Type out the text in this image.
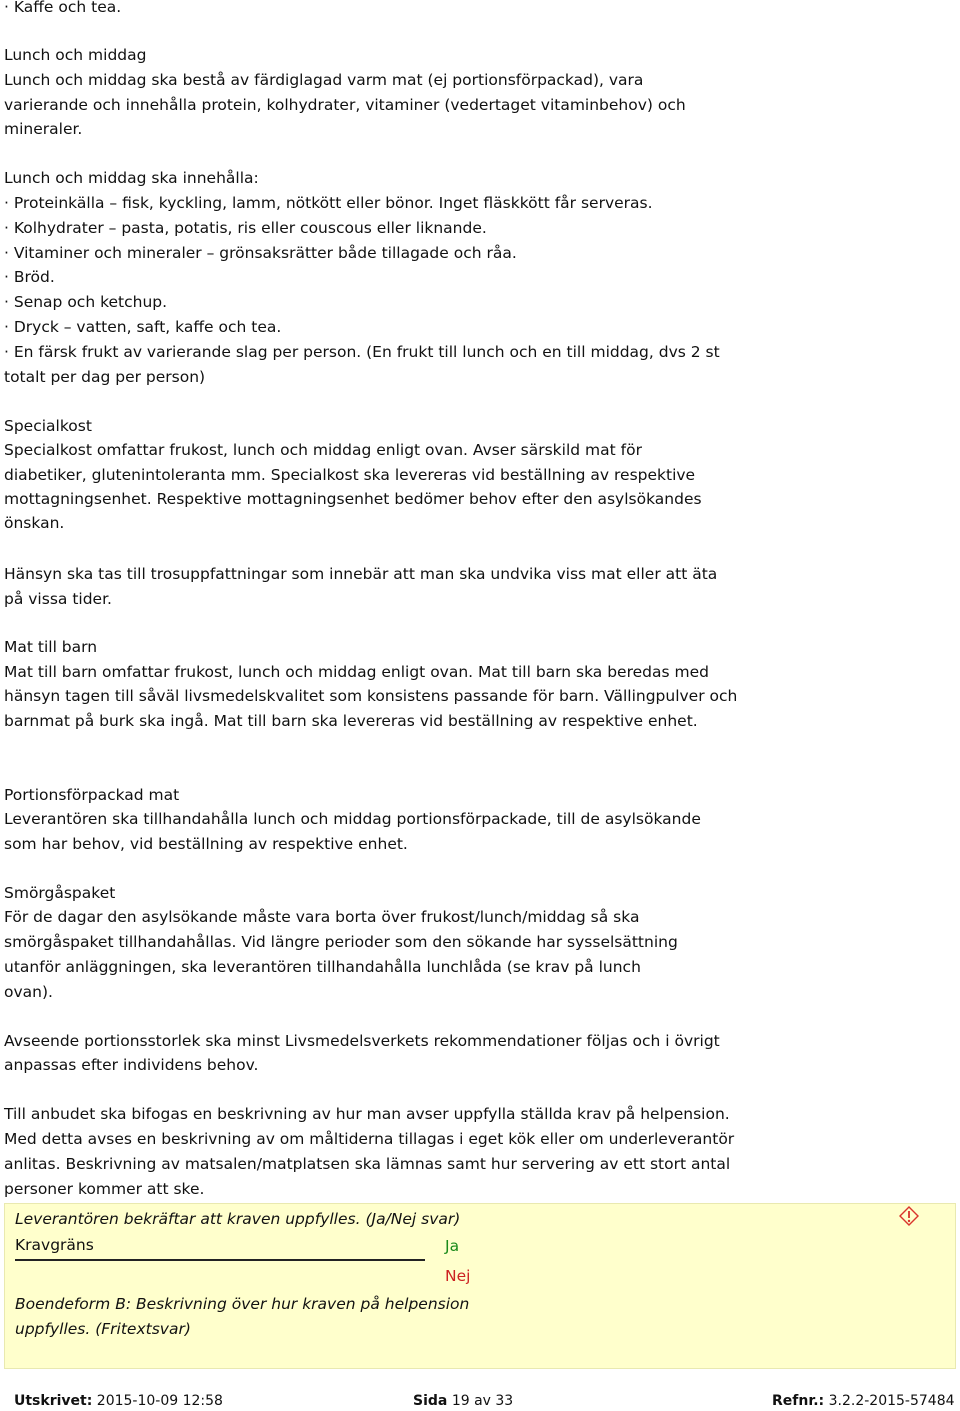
· Kaffe och tea.
Lunch och middag
Lunch och middag ska bestå av färdiglagad varm mat (ej portionsförpackad), vara
varierande och innehålla protein, kolhydrater, vitaminer (vedertaget vitaminbehov) och
mineraler.
Lunch och middag ska innehålla:
· Proteinkälla – fisk, kyckling, lamm, nötkött eller bönor. Inget fläskkött får serveras.
· Kolhydrater – pasta, potatis, ris eller couscous eller liknande.
· Vitaminer och mineraler – grönsaksrätter både tillagade och råa.
· Bröd.
· Senap och ketchup.
· Dryck – vatten, saft, kaffe och tea.
· En färsk frukt av varierande slag per person. (En frukt till lunch och en till middag, dvs 2 st
totalt per dag per person)
Specialkost
Specialkost omfattar frukost, lunch och middag enligt ovan. Avser särskild mat för
diabetiker, glutenintoleranta mm. Specialkost ska levereras vid beställning av respektive
mottagningsenhet. Respektive mottagningsenhet bedömer behov efter den asylsökandes
önskan.
Hänsyn ska tas till trosuppfattningar som innebär att man ska undvika viss mat eller att äta
på vissa tider.
Mat till barn
Mat till barn omfattar frukost, lunch och middag enligt ovan. Mat till barn ska beredas med
hänsyn tagen till såväl livsmedelskvalitet som konsistens passande för barn. Vällingpulver och
barnmat på burk ska ingå. Mat till barn ska levereras vid beställning av respektive enhet.
Portionsförpackad mat
Leverantören ska tillhandahålla lunch och middag portionsförpackade, till de asylsökande
som har behov, vid beställning av respektive enhet.
Smörgåspaket
För de dagar den asylsökande måste vara borta över frukost/lunch/middag så ska
smörgåspaket tillhandahållas. Vid längre perioder som den sökande har sysselsättning
utanför anläggningen, ska leverantören tillhandahålla lunchlåda (se krav på lunch
ovan).
Avseende portionsstorlek ska minst Livsmedelsverkets rekommendationer följas och i övrigt
anpassas efter individens behov.
Till anbudet ska bifogas en beskrivning av hur man avser uppfylla ställda krav på helpension.
Med detta avses en beskrivning av om måltiderna tillagas i eget kök eller om underleverantör
anlitas. Beskrivning av matsalen/matplatsen ska lämnas samt hur servering av ett stort antal
personer kommer att ske.
Leverantören bekräftar att kraven uppfylles. (Ja/Nej svar)
Kravgräns	Ja
Nej
Boendeform B: Beskrivning över hur kraven på helpension
uppfylles. (Fritextsvar)
Utskrivet: 2015-10-09 12:58	Sida 19 av 33	Refnr.: 3.2.2-2015-57484
